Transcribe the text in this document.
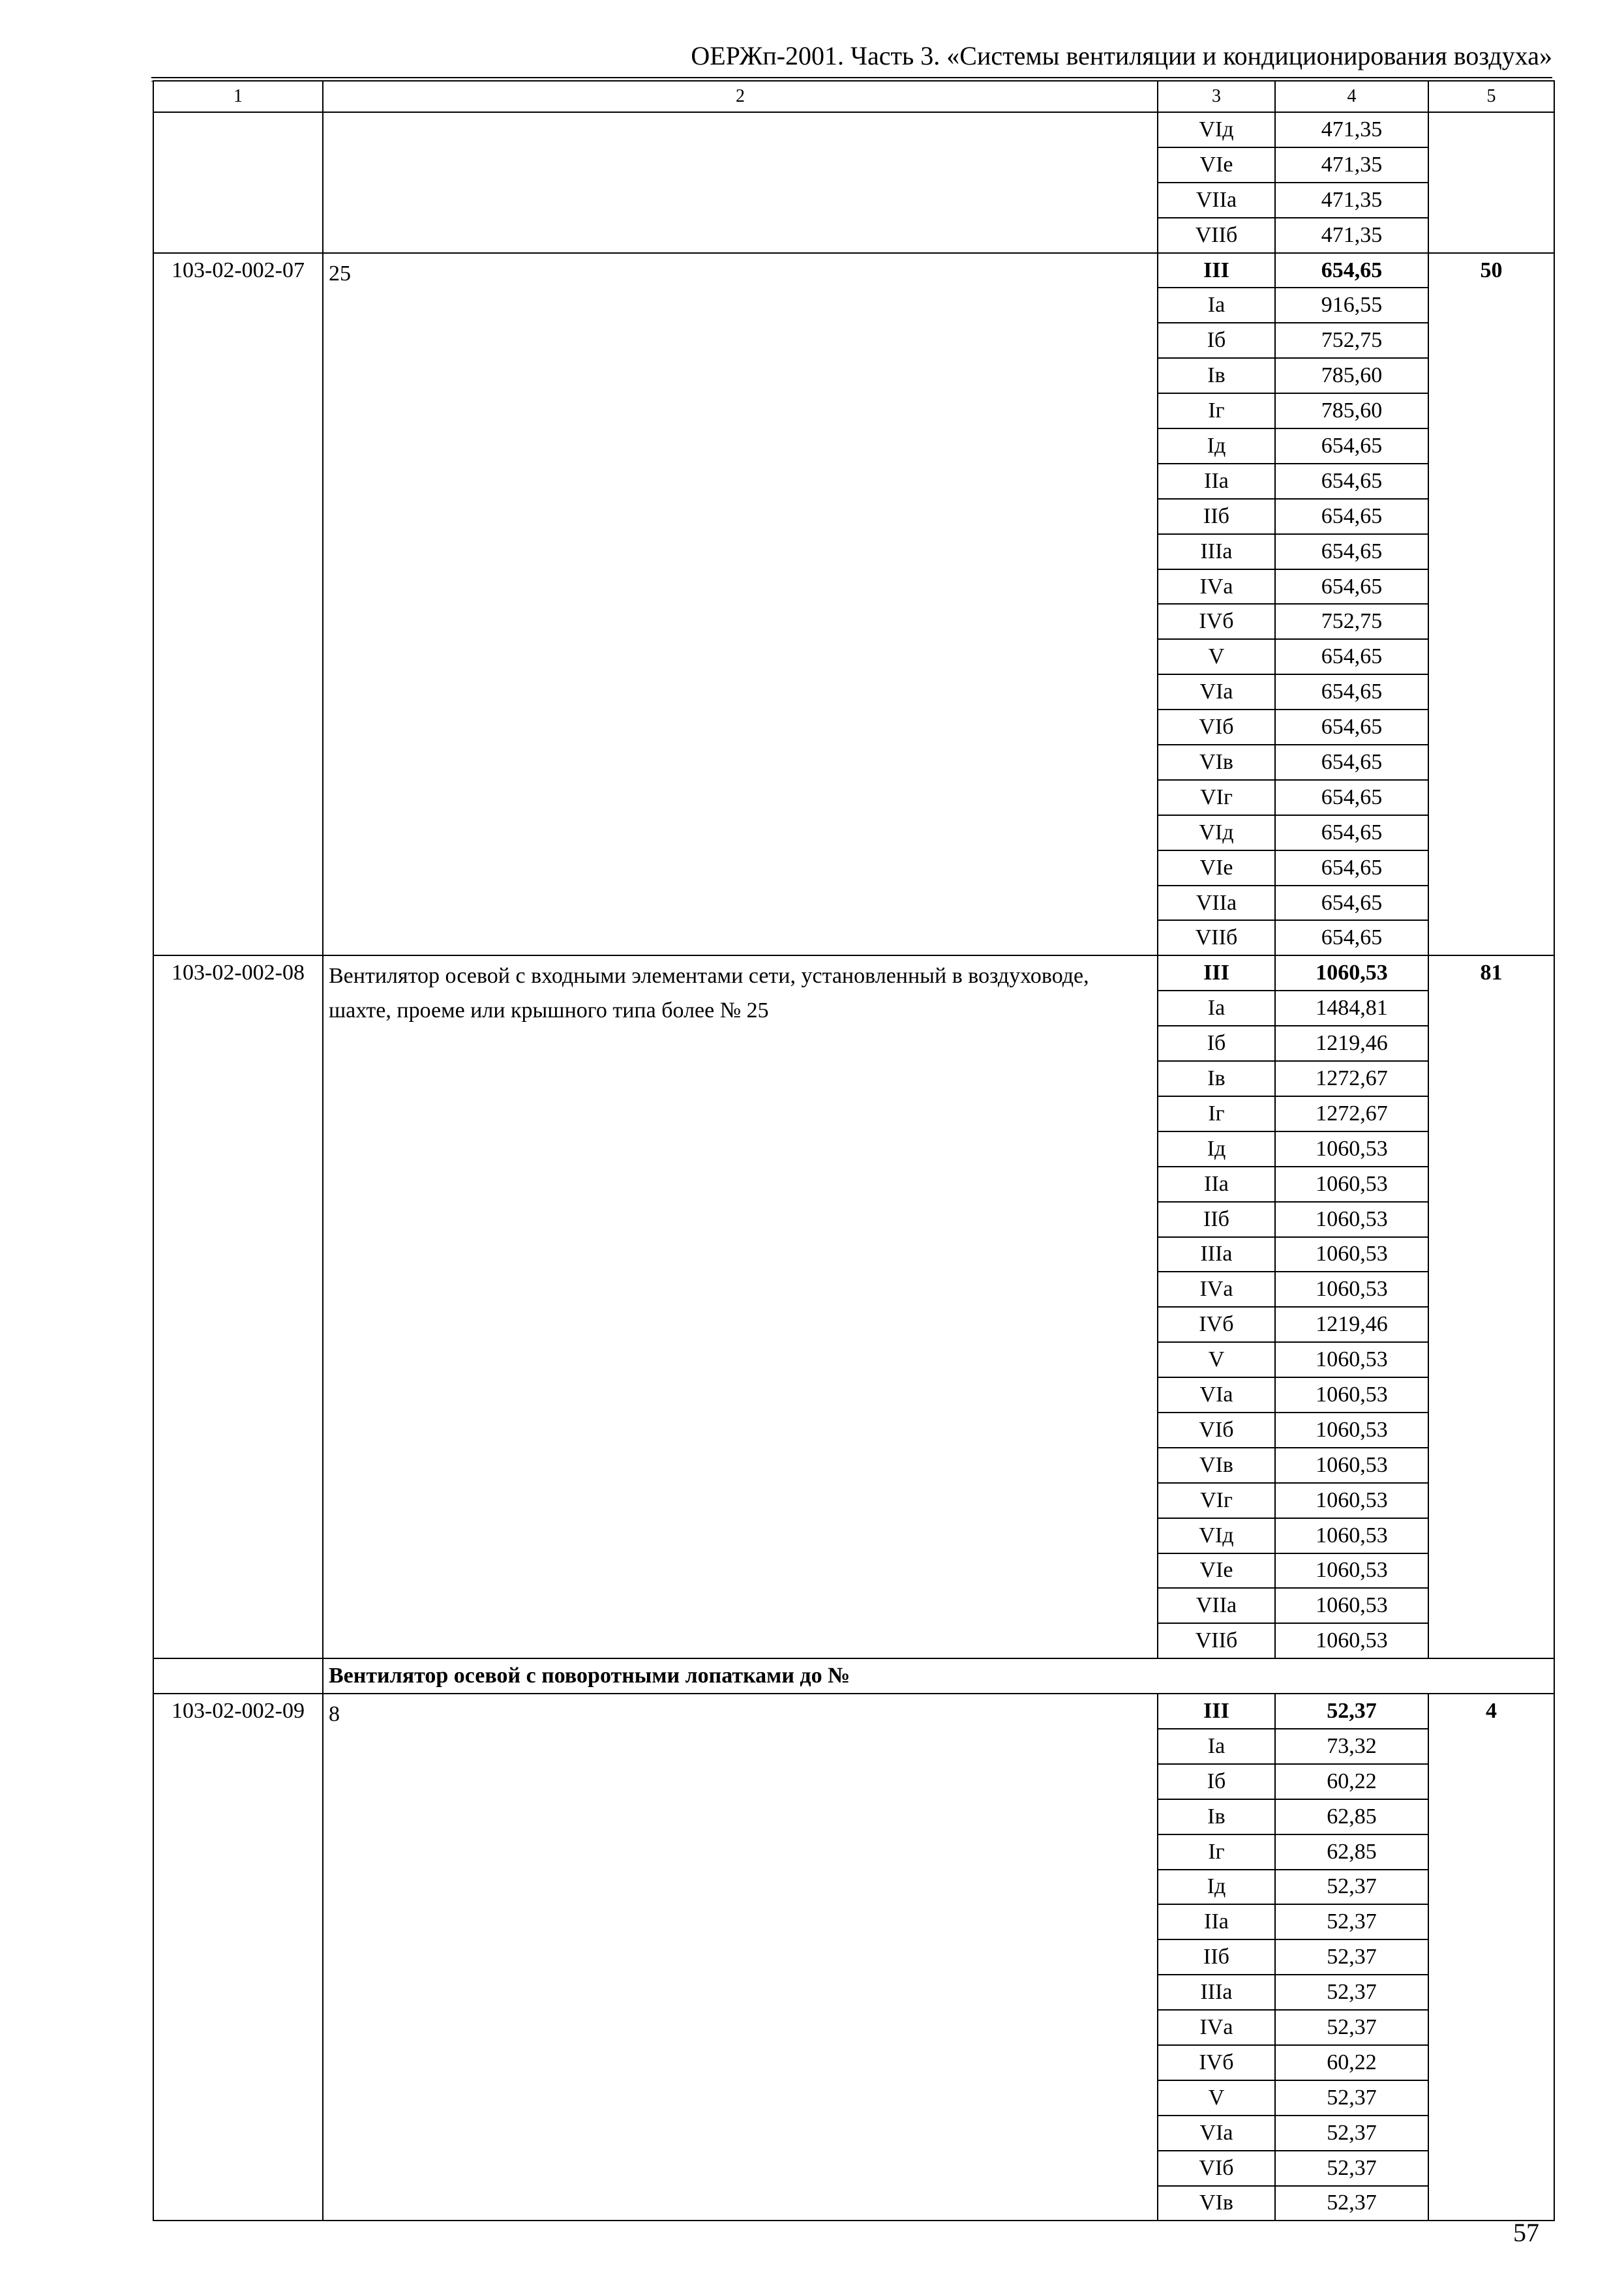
ОЕРЖп-2001. Часть 3. «Системы вентиляции и кондиционирования воздуха»
1	2	3	4	5
		VIд	471,35	
		VIе	471,35	
		VIIа	471,35	
		VIIб	471,35	
103-02-002-07	25	III	654,65	50
		Iа	916,55	
		Iб	752,75	
		Iв	785,60	
		Iг	785,60	
		Iд	654,65	
		IIа	654,65	
		IIб	654,65	
		IIIа	654,65	
		IVа	654,65	
		IVб	752,75	
		V	654,65	
		VIа	654,65	
		VIб	654,65	
		VIв	654,65	
		VIг	654,65	
		VIд	654,65	
		VIе	654,65	
		VIIа	654,65	
		VIIб	654,65	
103-02-002-08	Вентилятор осевой с входными элементами сети, установленный в воздуховоде, шахте, проеме или крышного типа более № 25	III	1060,53	81
		Iа	1484,81	
		Iб	1219,46	
		Iв	1272,67	
		Iг	1272,67	
		Iд	1060,53	
		IIа	1060,53	
		IIб	1060,53	
		IIIа	1060,53	
		IVа	1060,53	
		IVб	1219,46	
		V	1060,53	
		VIа	1060,53	
		VIб	1060,53	
		VIв	1060,53	
		VIг	1060,53	
		VIд	1060,53	
		VIе	1060,53	
		VIIа	1060,53	
		VIIб	1060,53	
	Вентилятор осевой с поворотными лопатками до №			
103-02-002-09	8	III	52,37	4
		Iа	73,32	
		Iб	60,22	
		Iв	62,85	
		Iг	62,85	
		Iд	52,37	
		IIа	52,37	
		IIб	52,37	
		IIIа	52,37	
		IVа	52,37	
		IVб	60,22	
		V	52,37	
		VIа	52,37	
		VIб	52,37	
		VIв	52,37	
57
